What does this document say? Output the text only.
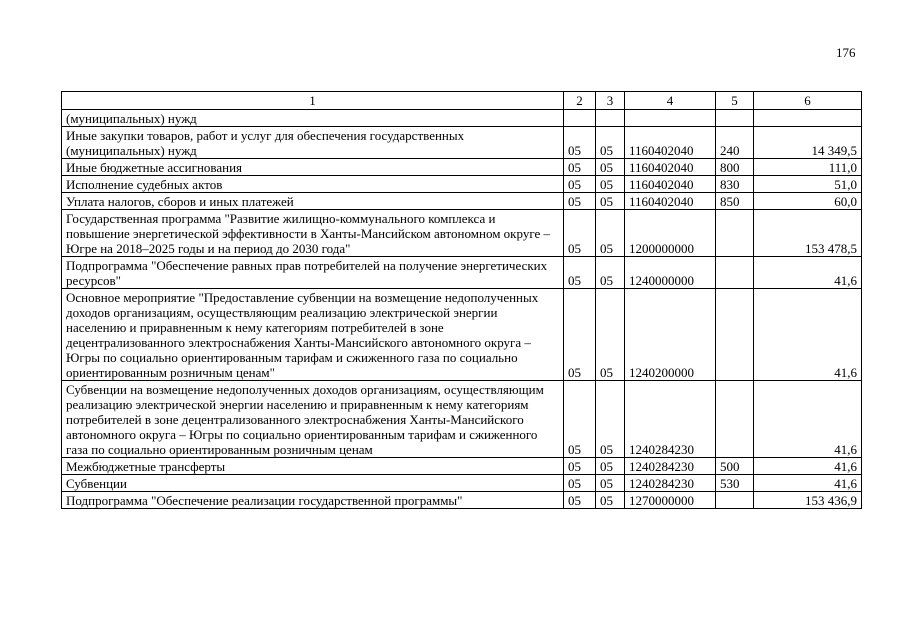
176
1	2	3	4	5	6
(муниципальных) нужд					
Иные закупки товаров, работ и услуг для обеспечения государственных (муниципальных) нужд	05	05	1160402040	240	14 349,5
Иные бюджетные ассигнования	05	05	1160402040	800	111,0
Исполнение судебных актов	05	05	1160402040	830	51,0
Уплата налогов, сборов и иных платежей	05	05	1160402040	850	60,0
Государственная программа "Развитие жилищно-коммунального комплекса и повышение энергетической эффективности в Ханты-Мансийском автономном округе – Югре на 2018–2025 годы и на период до 2030 года"	05	05	1200000000		153 478,5
Подпрограмма "Обеспечение равных прав потребителей на получение энергетических ресурсов"	05	05	1240000000		41,6
Основное мероприятие "Предоставление субвенции на возмещение недополученных доходов организациям, осуществляющим реализацию электрической энергии населению и приравненным к нему категориям потребителей в зоне децентрализованного электроснабжения Ханты-Мансийского автономного округа – Югры по социально ориентированным тарифам и сжиженного газа по социально ориентированным розничным ценам"	05	05	1240200000		41,6
Субвенции на возмещение недополученных доходов организациям, осуществляющим реализацию электрической энергии населению и приравненным к нему категориям потребителей в зоне децентрализованного электроснабжения Ханты-Мансийского автономного округа – Югры по социально ориентированным тарифам и сжиженного газа по социально ориентированным розничным ценам	05	05	1240284230		41,6
Межбюджетные трансферты	05	05	1240284230	500	41,6
Субвенции	05	05	1240284230	530	41,6
Подпрограмма "Обеспечение реализации государственной программы"	05	05	1270000000		153 436,9
